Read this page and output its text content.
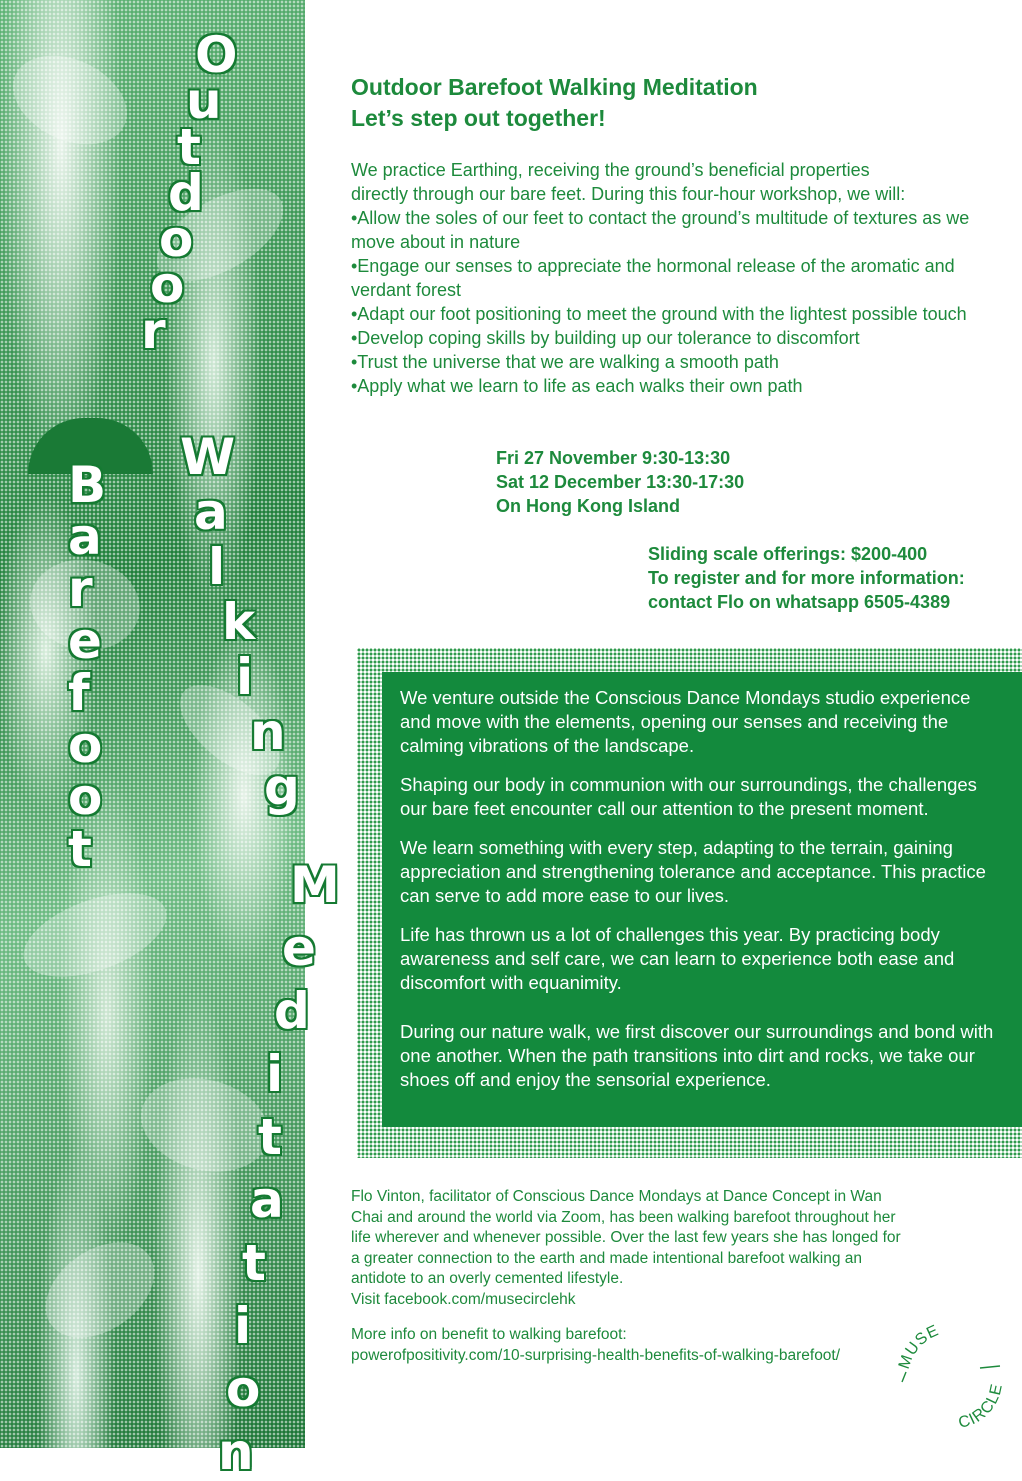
O
u
t
d
o
o
r
B
a
r
e
f
o
o
t
W
a
l
k
i
n
g
M
e
d
i
t
a
t
i
o
n
Outdoor Barefoot Walking Meditation
Let’s step out together!
We practice Earthing, receiving the ground’s beneficial properties
directly through our bare feet. During this four-hour workshop, we will:
•Allow the soles of our feet to contact the ground’s multitude of textures as we move about in nature
•Engage our senses to appreciate the hormonal release of the aromatic and verdant forest
•Adapt our foot positioning to meet the ground with the lightest possible touch
•Develop coping skills by building up our tolerance to discomfort
•Trust the universe that we are walking a smooth path
•Apply what we learn to life as each walks their own path
Fri 27 November 9:30-13:30
Sat 12 December 13:30-17:30
On Hong Kong Island
Sliding scale offerings: $200-400
To register and for more information:
contact Flo on whatsapp 6505-4389

We venture outside the Conscious Dance Mondays studio experience and move with the elements, opening our senses and receiving the calming vibrations of the landscape.

Shaping our body in communion with our surroundings, the challenges our bare feet encounter call our attention to the present moment.

We learn something with every step, adapting to the terrain, gaining appreciation and strengthening tolerance and acceptance. This practice can serve to add more ease to our lives.

Life has thrown us a lot of challenges this year. By practicing body awareness and self care, we can learn to experience both ease and discomfort with equanimity.

During our nature walk, we first discover our surroundings and bond with one another. When the path transitions into dirt and rocks, we take our shoes off and enjoy the sensorial experience.

Flo Vinton, facilitator of Conscious Dance Mondays at Dance Concept in Wan Chai and around the world via Zoom, has been walking barefoot throughout her life wherever and whenever possible. Over the last few years she has longed for a greater connection to the earth and made intentional barefoot walking an antidote to an overly cemented lifestyle.
Visit facebook.com/musecirclehk
More info on benefit to walking barefoot:
powerofpositivity.com/10-surprising-health-benefits-of-walking-barefoot/	MUSE
CIRCLE
